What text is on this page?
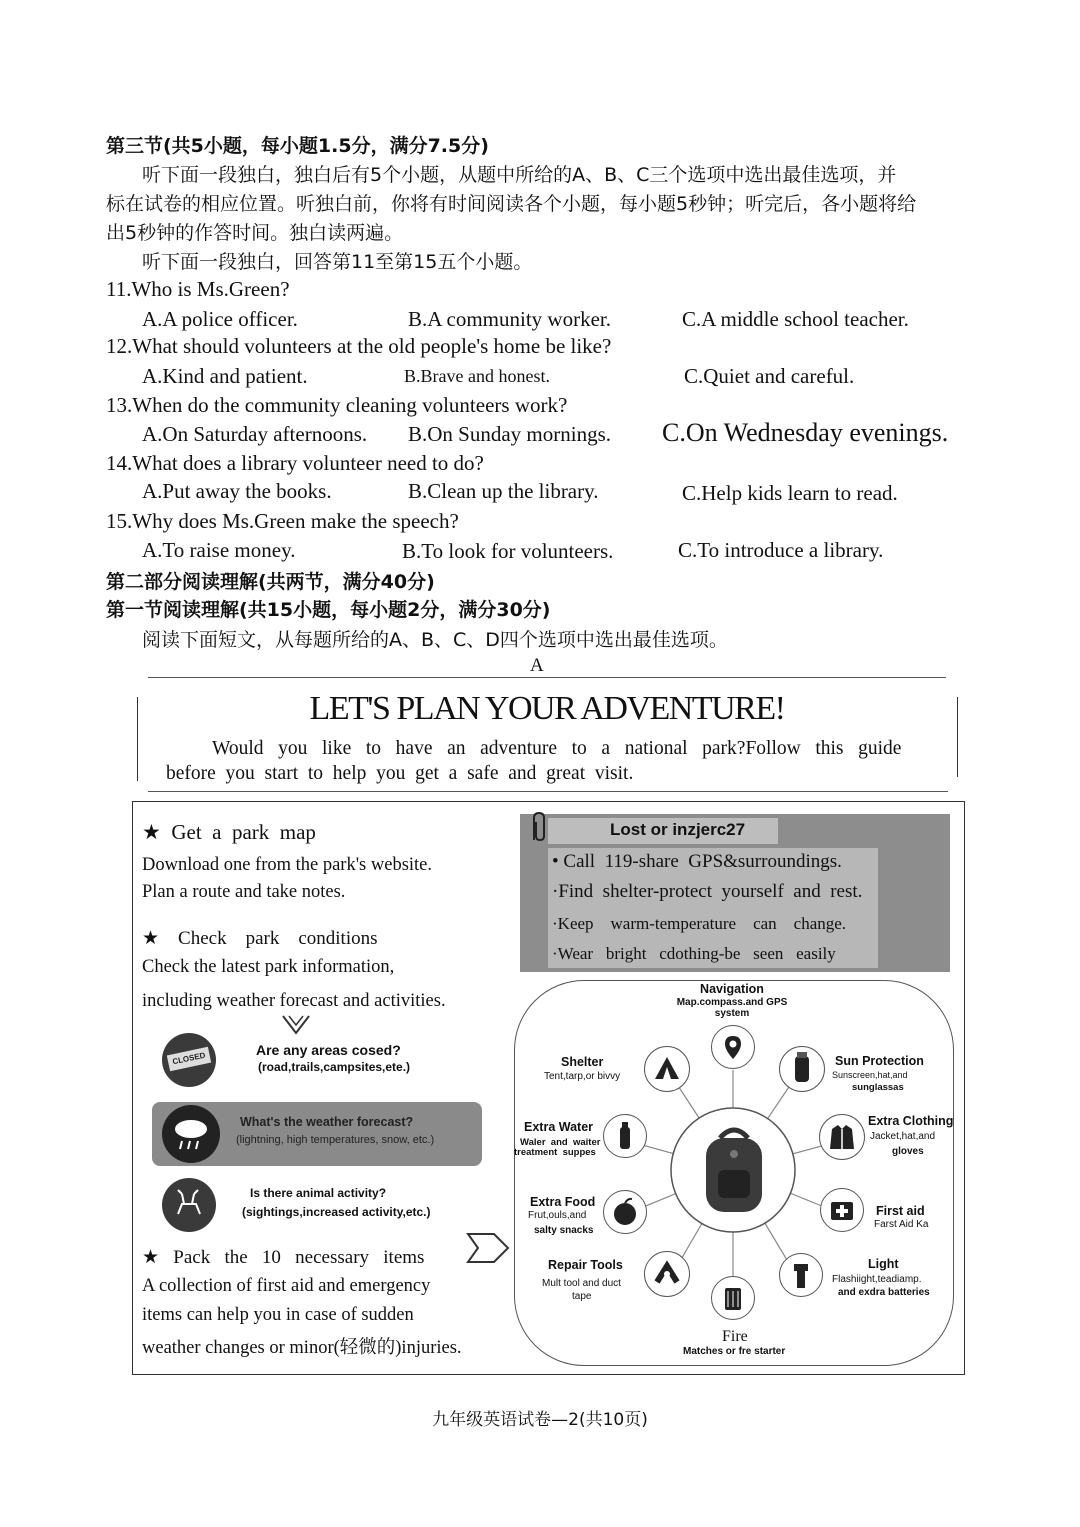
第三节(共5小题，每小题1.5分，满分7.5分)
听下面一段独白，独白后有5个小题，从题中所给的A、B、C三个选项中选出最佳选项，并
标在试卷的相应位置。听独白前，你将有时间阅读各个小题，每小题5秒钟；听完后，各小题将给
出5秒钟的作答时间。独白读两遍。
听下面一段独白，回答第11至第15五个小题。
11.Who is Ms.Green?
A.A police officer.	B.A community worker.	C.A middle school teacher.
12.What should volunteers at the old people's home be like?
A.Kind and patient.	B.Brave and honest.	C.Quiet and careful.
13.When do the community cleaning volunteers work?
A.On Saturday afternoons. B.On Sunday mornings. C.On Wednesday evenings.
14.What does a library volunteer need to do?
A.Put away the books.	B.Clean up the library.	C.Help kids learn to read.
15.Why does Ms.Green make the speech?
A.To raise money.	B.To look for volunteers.	C.To introduce a library.
第二部分阅读理解(共两节，满分40分)
第一节阅读理解(共15小题，每小题2分，满分30分)
阅读下面短文，从每题所给的A、B、C、D四个选项中选出最佳选项。
A
LET'S PLAN YOUR ADVENTURE!
Would   you   like   to   have   an   adventure   to   a   national   park?Follow   this   guide
before  you  start  to  help  you  get  a  safe  and  great  visit.
★  Get  a  park  map
Download one from the park's website.
Plan a route and take notes.
★    Check    park    conditions
Check the latest park information,
including weather forecast and activities.
CLOSED
Are any areas cosed?
(road,trails,campsites,ete.)
What's the weather forecast?
(lightning, high temperatures, snow, etc.)
Is there animal activity?
(sightings,increased activity,etc.)
★   Pack   the   10   necessary   items
A collection of first aid and emergency
items can help you in case of sudden
weather changes or minor(轻微的)injuries.
Lost or inzjerc27
• Call  119-share  GPS&surroundings.
·Find  shelter-protect  yourself  and  rest.
·Keep    warm-temperature    can    change.
·Wear   bright   cdothing-be   seen   easily
Navigation
Map.compass.and GPS system
Shelter
Tent,tarp,or bivvy
Sun Protection
Sunscreen,hat,and
sunglassas
Extra Water
Waler  and  waiter
treatment  suppes
Extra Clothing
Jacket,hat,and
gloves
Extra Food
Frut,ouls,and
salty snacks
First aid
Farst Aid Ka
Repair Tools
Mult tool and duct
tape
Light
Flashiight,teadiamp.
and exdra batteries
Fire
Matches or fre starter
九年级英语试卷—2(共10页)
